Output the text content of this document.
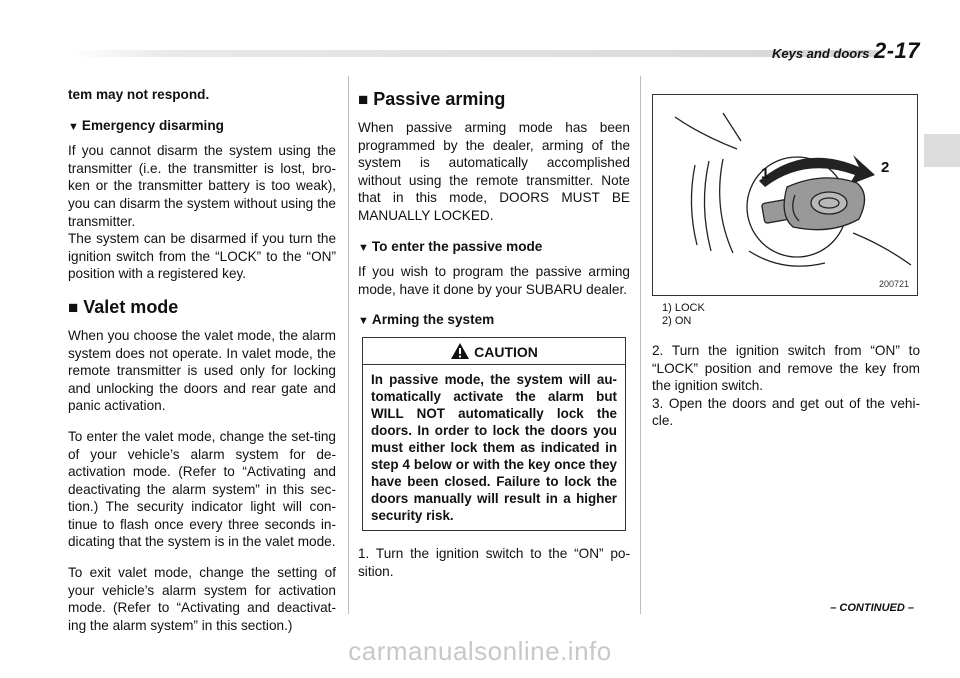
Keys and doors 2-17

tem may not respond.

▼ Emergency disarming

If you cannot disarm the system using the transmitter (i.e. the transmitter is lost, bro-ken or the transmitter battery is too weak), you can disarm the system without using the transmitter.

The system can be disarmed if you turn the ignition switch from the “LOCK” to the “ON” position with a registered key.

■ Valet mode

When you choose the valet mode, the alarm system does not operate. In valet mode, the remote transmitter is used only for locking and unlocking the doors and rear gate and panic activation.

To enter the valet mode, change the set-ting of your vehicle’s alarm system for de-activation mode. (Refer to “Activating and deactivating the alarm system” in this sec-tion.) The security indicator light will con-tinue to flash once every three seconds in-dicating that the system is in the valet mode.

To exit valet mode, change the setting of your vehicle’s alarm system for activation mode. (Refer to “Activating and deactivat-ing the alarm system” in this section.)

■ Passive arming

When passive arming mode has been programmed by the dealer, arming of the system is automatically accomplished without using the remote transmitter. Note that in this mode, DOORS MUST BE MANUALLY LOCKED.

▼ To enter the passive mode

If you wish to program the passive arming mode, have it done by your SUBARU dealer.

▼ Arming the system
CAUTION

In passive mode, the system will au-tomatically activate the alarm but WILL NOT automatically lock the doors. In order to lock the doors you must either lock them as indicated in step 4 below or with the key once they have been closed. Failure to lock the doors manually will result in a higher security risk.

1. Turn the ignition switch to the “ON” po-sition.

1	2
200721
1) LOCK
2) ON

2. Turn the ignition switch from “ON” to “LOCK” position and remove the key from the ignition switch.

3. Open the doors and get out of the vehi-cle.

– CONTINUED –
carmanualsonline.info
